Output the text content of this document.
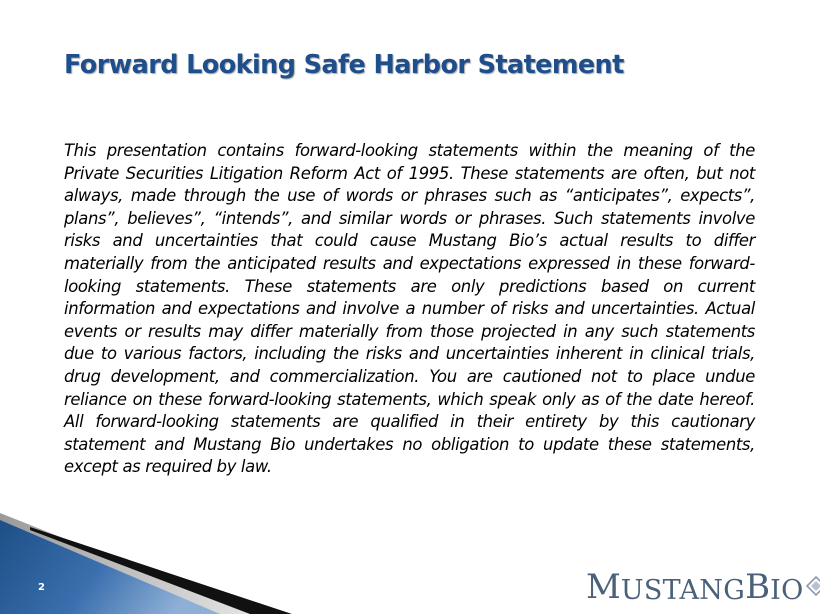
Forward Looking Safe Harbor Statement

This presentation contains forward-looking statements within the meaning of the Private Securities Litigation Reform Act of 1995. These statements are often, but not always, made through the use of words or phrases such as “anticipates”, expects”, plans”, believes”, “intends”, and similar words or phrases. Such statements involve risks and uncertainties that could cause Mustang Bio’s actual results to differ materially from the anticipated results and expectations expressed in these forward-looking statements. These statements are only predictions based on current information and expectations and involve a number of risks and uncertainties. Actual events or results may differ materially from those projected in any such statements due to various factors, including the risks and uncertainties inherent in clinical trials, drug development, and commercialization. You are cautioned not to place undue reliance on these forward-looking statements, which speak only as of the date hereof. All forward-looking statements are qualified in their entirety by this cautionary statement and Mustang Bio undertakes no obligation to update these statements, except as required by law.

2	M USTANG B IO
